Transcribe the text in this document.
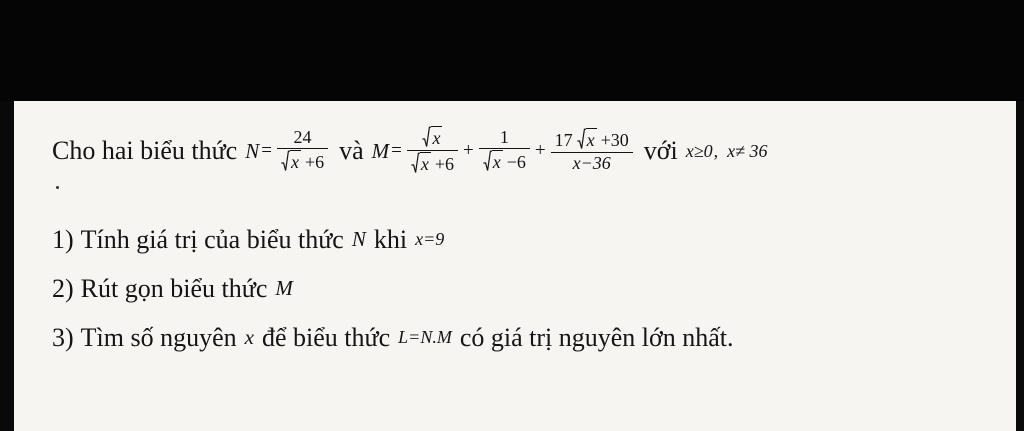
Cho hai biểu thức $N = \frac{24}{x +6}$ và $M = \frac{x}{x +6} + \frac{1}{x -6}$ +
17 x +30
x−36 với x≥0 , x≠ 36
1) Tính giá trị của biểu thức N khi x=9
2) Rút gọn biểu thức M
3) Tìm số nguyên x để biểu thức L=N.M có giá trị nguyên lớn nhất.
